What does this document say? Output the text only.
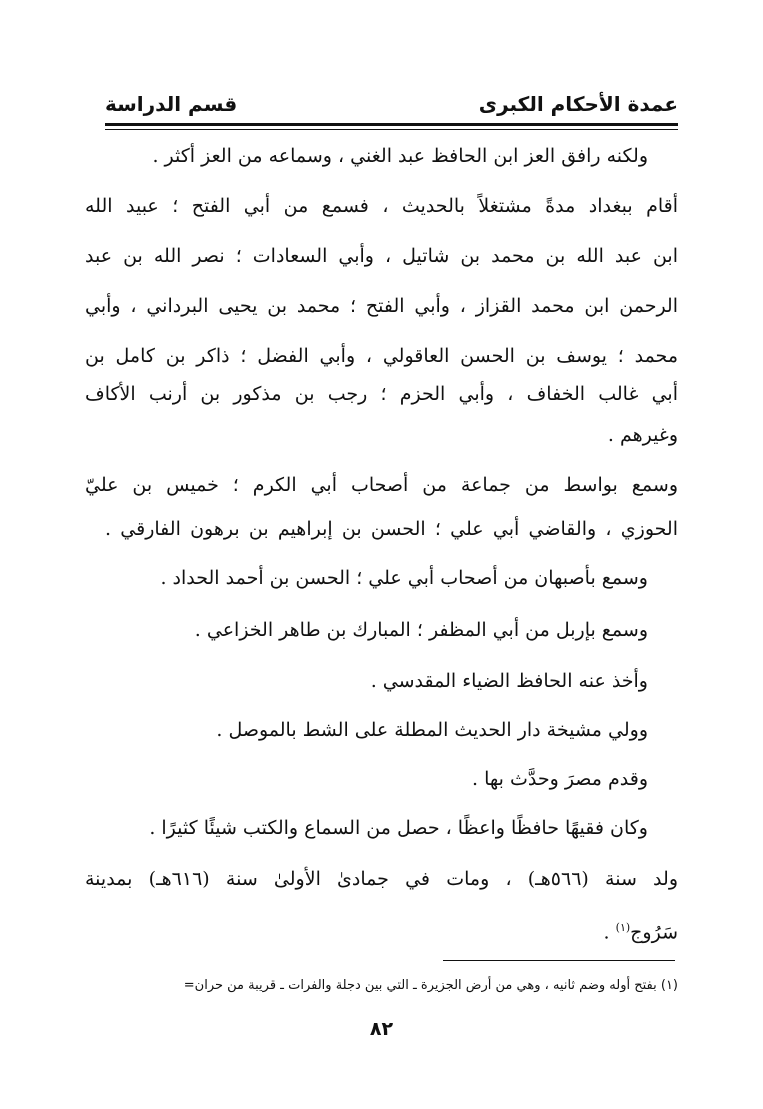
عمدة الأحكام الكبرى
قسم الدراسة
ولكنه رافق العز ابن الحافظ عبد الغني ، وسماعه من العز أكثر .
أقام ببغداد مدةً مشتغلاً بالحديث ، فسمع من أبي الفتح ؛ عبيد الله
ابن عبد الله بن محمد بن شاتيل ، وأبي السعادات ؛ نصر الله بن عبد
الرحمن ابن محمد القزاز ، وأبي الفتح ؛ محمد بن يحيى البرداني ، وأبي
محمد ؛ يوسف بن الحسن العاقولي ، وأبي الفضل ؛ ذاكر بن كامل بن
أبي غالب الخفاف ، وأبي الحزم ؛ رجب بن مذكور بن أرنب الأكاف
وغيرهم .
وسمع بواسط من جماعة من أصحاب أبي الكرم ؛ خميس بن عليّ
الحوزي ، والقاضي أبي علي ؛ الحسن بن إبراهيم بن برهون الفارقي .
وسمع بأصبهان من أصحاب أبي علي ؛ الحسن بن أحمد الحداد .
وسمع بإربل من أبي المظفر ؛ المبارك بن طاهر الخزاعي .
وأخذ عنه الحافظ الضياء المقدسي .
وولي مشيخة دار الحديث المطلة على الشط بالموصل .
وقدم مصرَ وحدَّث بها .
وكان فقيهًا حافظًا واعظًا ، حصل من السماع والكتب شيئًا كثيرًا .
ولد سنة (٥٦٦هـ) ، ومات في جمادىٰ الأولىٰ سنة (٦١٦هـ) بمدينة
سَرُوج$^{(١)}$ .
(١) بفتح أوله وضم ثانيه ، وهي من أرض الجزيرة ـ التي بين دجلة والفرات ـ قريبة من حران=
٨٢
